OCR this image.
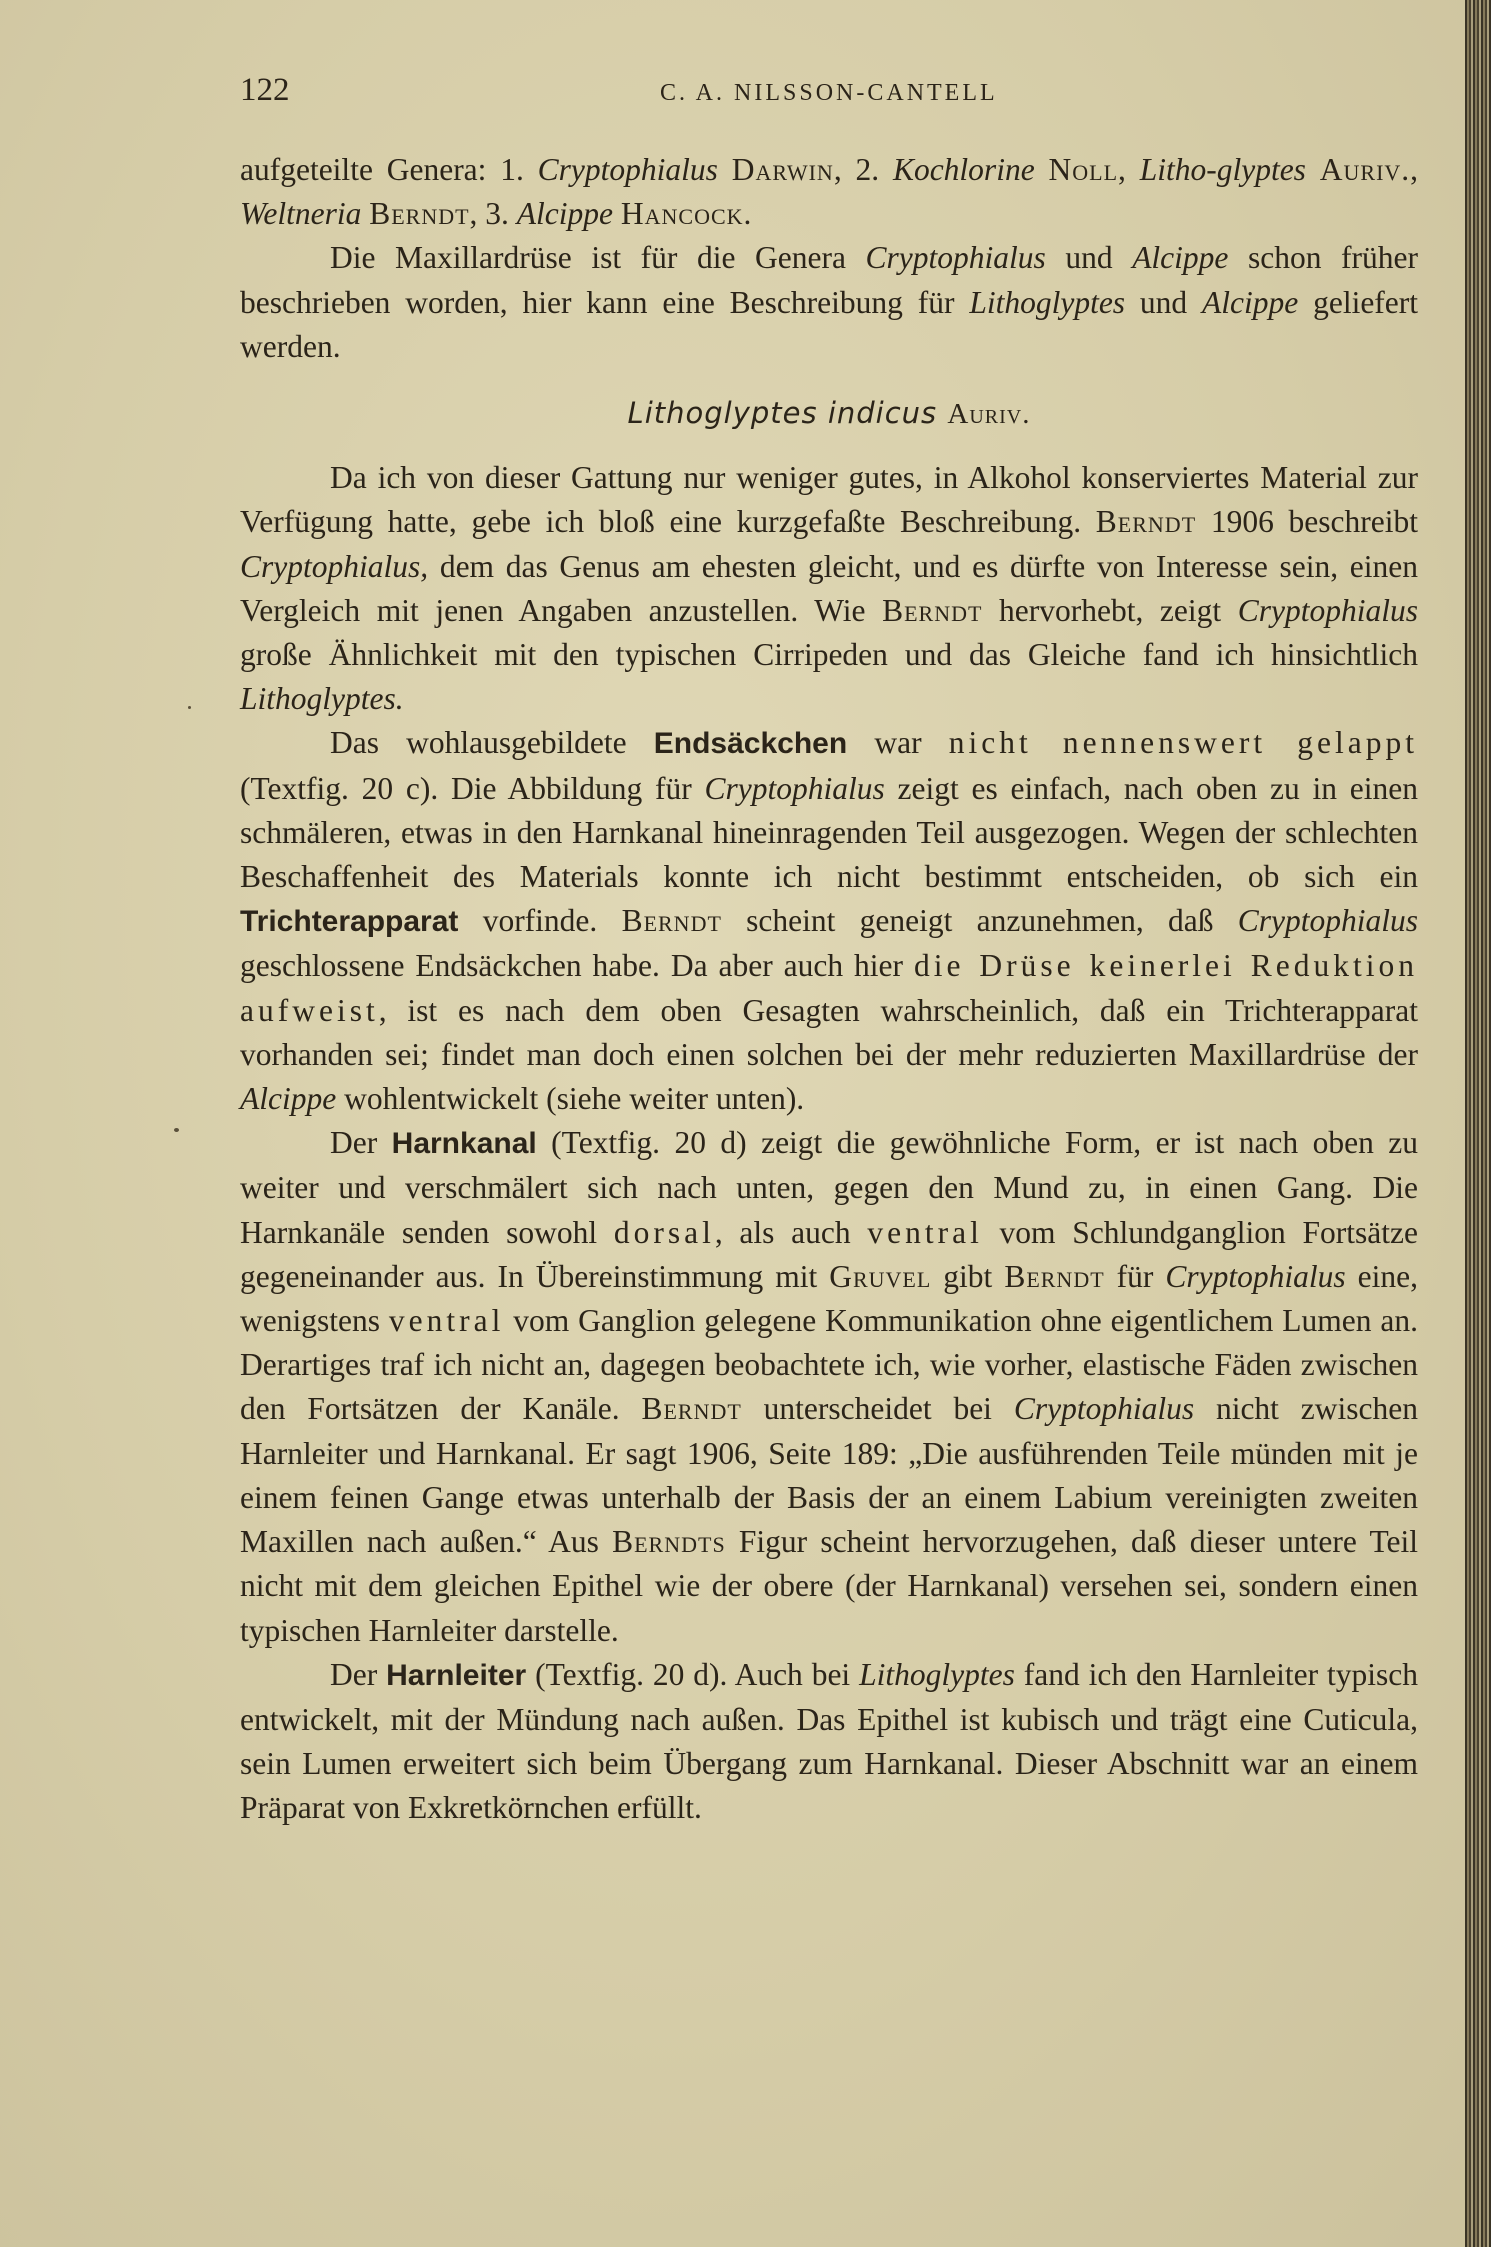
122	C. A. NILSSON-CANTELL

aufgeteilte Genera: 1. Cryptophialus Darwin, 2. Kochlorine Noll, Litho-glyptes Auriv., Weltneria Berndt, 3. Alcippe Hancock.

Die Maxillardrüse ist für die Genera Cryptophialus und Alcippe schon früher beschrieben worden, hier kann eine Beschreibung für Lithoglyptes und Alcippe geliefert werden.

Lithoglyptes indicus Auriv.

Da ich von dieser Gattung nur weniger gutes, in Alkohol konserviertes Material zur Verfügung hatte, gebe ich bloß eine kurzgefaßte Beschreibung. Berndt 1906 beschreibt Cryptophialus, dem das Genus am ehesten gleicht, und es dürfte von Interesse sein, einen Vergleich mit jenen Angaben anzustellen. Wie Berndt hervorhebt, zeigt Cryptophialus große Ähnlichkeit mit den typischen Cirripeden und das Gleiche fand ich hinsichtlich Lithoglyptes.

Das wohlausgebildete Endsäckchen war nicht nennenswert gelappt (Textfig. 20 c). Die Abbildung für Cryptophialus zeigt es einfach, nach oben zu in einen schmäleren, etwas in den Harnkanal hineinragenden Teil ausgezogen. Wegen der schlechten Beschaffenheit des Materials konnte ich nicht bestimmt entscheiden, ob sich ein Trichterapparat vorfinde. Berndt scheint geneigt anzunehmen, daß Cryptophialus geschlossene Endsäckchen habe. Da aber auch hier die Drüse keinerlei Reduktion aufweist, ist es nach dem oben Gesagten wahrscheinlich, daß ein Trichterapparat vorhanden sei; findet man doch einen solchen bei der mehr reduzierten Maxillardrüse der Alcippe wohlentwickelt (siehe weiter unten).

Der Harnkanal (Textfig. 20 d) zeigt die gewöhnliche Form, er ist nach oben zu weiter und verschmälert sich nach unten, gegen den Mund zu, in einen Gang. Die Harnkanäle senden sowohl dorsal, als auch ventral vom Schlundganglion Fortsätze gegeneinander aus. In Übereinstimmung mit Gruvel gibt Berndt für Cryptophialus eine, wenigstens ventral vom Ganglion gelegene Kommunikation ohne eigentlichem Lumen an. Derartiges traf ich nicht an, dagegen beobachtete ich, wie vorher, elastische Fäden zwischen den Fortsätzen der Kanäle. Berndt unterscheidet bei Cryptophialus nicht zwischen Harnleiter und Harnkanal. Er sagt 1906, Seite 189: „Die ausführenden Teile münden mit je einem feinen Gange etwas unterhalb der Basis der an einem Labium vereinigten zweiten Maxillen nach außen.“ Aus Berndts Figur scheint hervorzugehen, daß dieser untere Teil nicht mit dem gleichen Epithel wie der obere (der Harnkanal) versehen sei, sondern einen typischen Harnleiter darstelle.

Der Harnleiter (Textfig. 20 d). Auch bei Lithoglyptes fand ich den Harnleiter typisch entwickelt, mit der Mündung nach außen. Das Epithel ist kubisch und trägt eine Cuticula, sein Lumen erweitert sich beim Übergang zum Harnkanal. Dieser Abschnitt war an einem Präparat von Exkretkörnchen erfüllt.
